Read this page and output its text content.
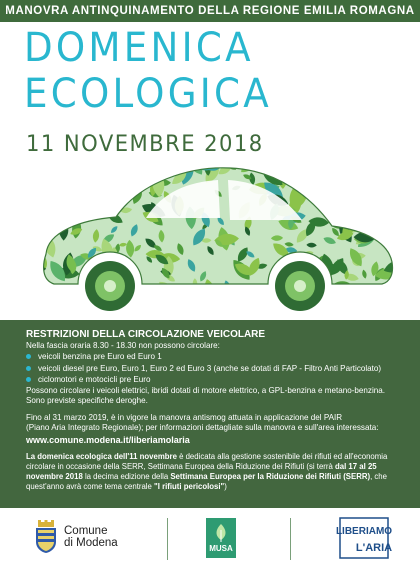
MANOVRA ANTINQUINAMENTO DELLA REGIONE EMILIA ROMAGNA
DOMENICA
ECOLOGICA
11 NOVEMBRE 2018
RESTRIZIONI DELLA CIRCOLAZIONE VEICOLARE
Nella fascia oraria 8.30 - 18.30 non possono circolare:
veicoli benzina pre Euro ed Euro 1
veicoli diesel pre Euro, Euro 1, Euro 2 ed Euro 3 (anche se dotati di FAP - Filtro Anti Particolato)
ciclomotori e motocicli pre Euro
Possono circolare i veicoli elettrici, ibridi dotati di motore elettrico, a GPL-benzina e metano-benzina.
Sono previste specifiche deroghe.
Fino al 31 marzo 2019, è in vigore la manovra antismog attuata in applicazione del PAIR
(Piano Aria Integrato Regionale); per informazioni dettagliate sulla manovra e sull'area interessata:
www.comune.modena.it/liberiamolaria
La domenica ecologica dell'11 novembre è dedicata alla gestione sostenibile dei rifiuti ed all'economia circolare in occasione della SERR, Settimana Europea della Riduzione dei Rifiuti (si terrà dal 17 al 25 novembre 2018 la decima edizione della Settimana Europea per la Riduzione dei Rifiuti (SERR), che quest'anno avrà come tema centrale "I rifiuti pericolosi")
Comune
di Modena	MUSA
LIBERIAMO
L'ARIA
